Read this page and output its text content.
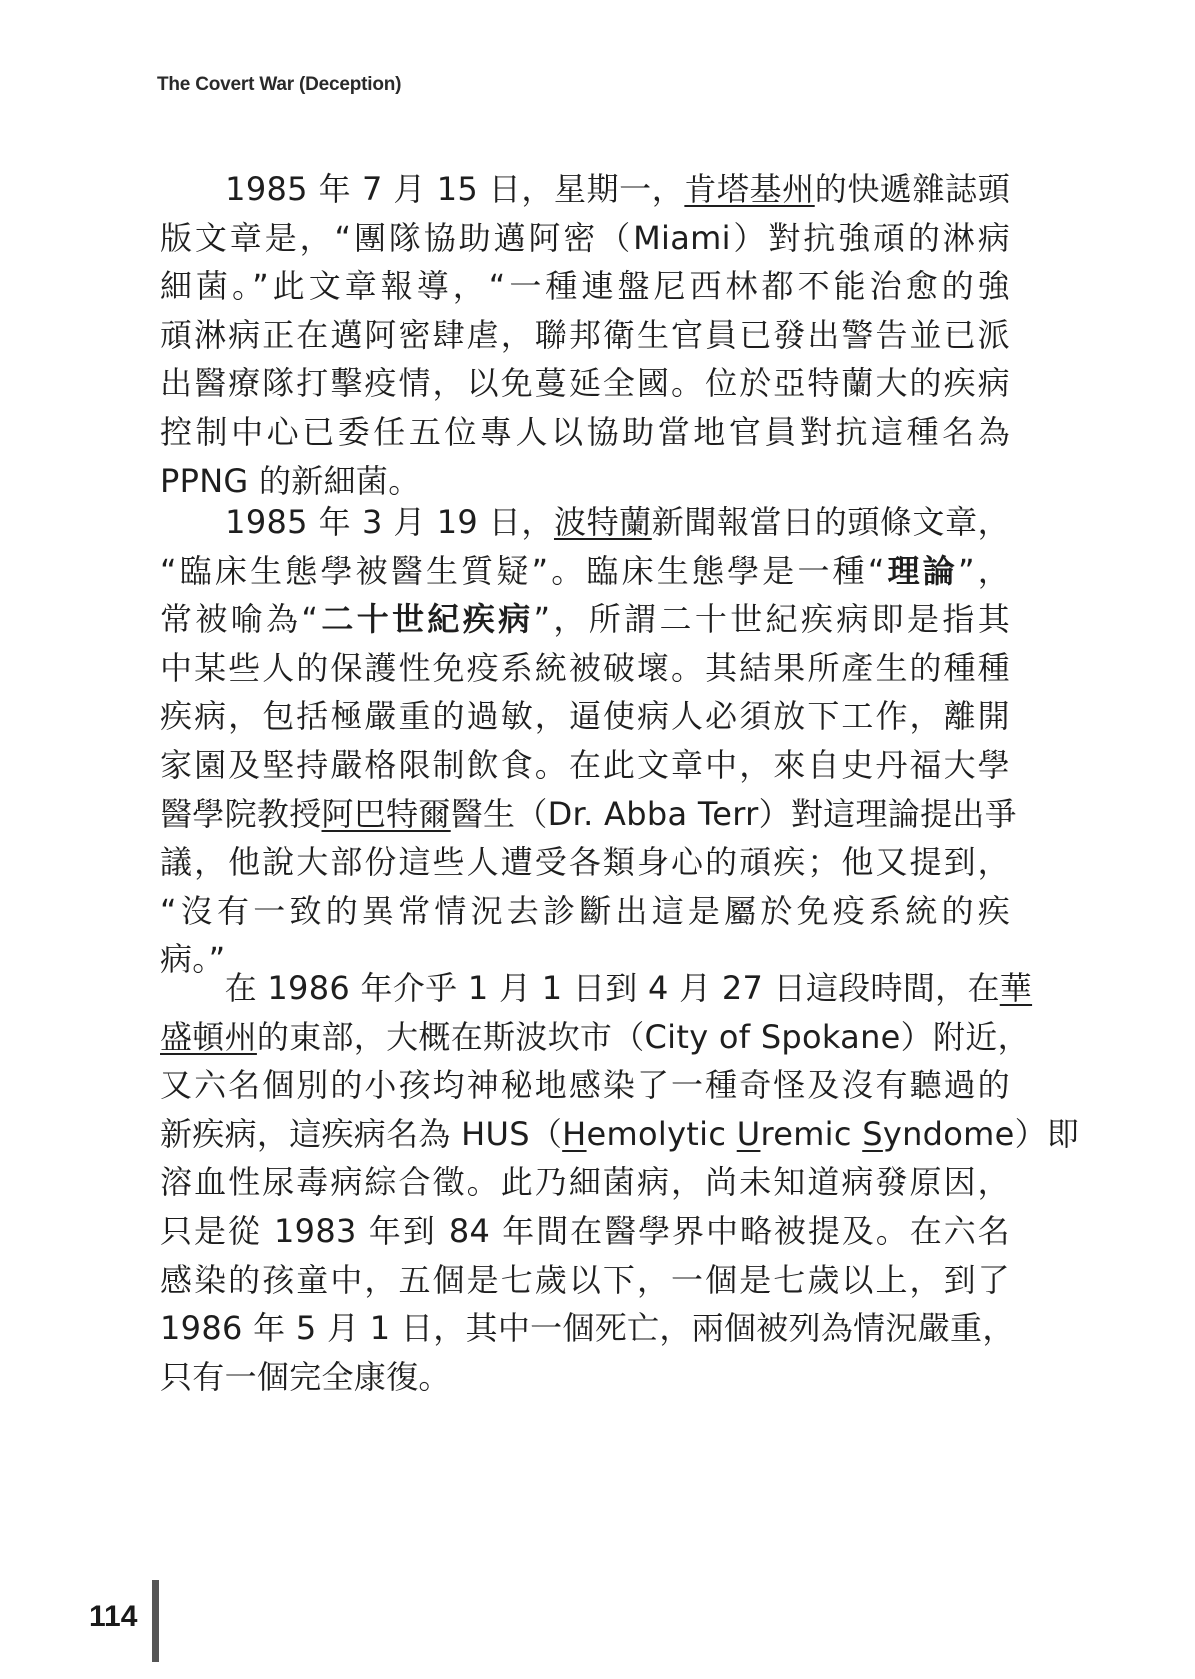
The Covert War (Deception)
　　1985 年 7 月 15 日，星期一，肯塔基州的快遞雜誌頭
版文章是，“團隊協助邁阿密（Miami）對抗強頑的淋病
細菌。”此文章報導，“一種連盤尼西林都不能治愈的強
頑淋病正在邁阿密肆虐，聯邦衛生官員已發出警告並已派
出醫療隊打擊疫情，以免蔓延全國。位於亞特蘭大的疾病
控制中心已委任五位專人以協助當地官員對抗這種名為
PPNG 的新細菌。
　　1985 年 3 月 19 日，波特蘭新聞報當日的頭條文章，
“臨床生態學被醫生質疑”。臨床生態學是一種“理論”，
常被喻為“二十世紀疾病”，所謂二十世紀疾病即是指其
中某些人的保護性免疫系統被破壞。其結果所產生的種種
疾病，包括極嚴重的過敏，逼使病人必須放下工作，離開
家園及堅持嚴格限制飲食。在此文章中，來自史丹福大學
醫學院教授阿巴特爾醫生（Dr. Abba Terr）對這理論提出爭
議，他說大部份這些人遭受各類身心的頑疾；他又提到，
“沒有一致的異常情況去診斷出這是屬於免疫系統的疾
病。”
　　在 1986 年介乎 1 月 1 日到 4 月 27 日這段時間，在華
盛頓州的東部，大概在斯波坎市（City of Spokane）附近，
又六名個別的小孩均神秘地感染了一種奇怪及沒有聽過的
新疾病，這疾病名為 HUS（Hemolytic Uremic Syndome）即
溶血性尿毒病綜合徵。此乃細菌病，尚未知道病發原因，
只是從 1983 年到 84 年間在醫學界中略被提及。在六名
感染的孩童中，五個是七歲以下，一個是七歲以上，到了
1986 年 5 月 1 日，其中一個死亡，兩個被列為情況嚴重，
只有一個完全康復。
114
